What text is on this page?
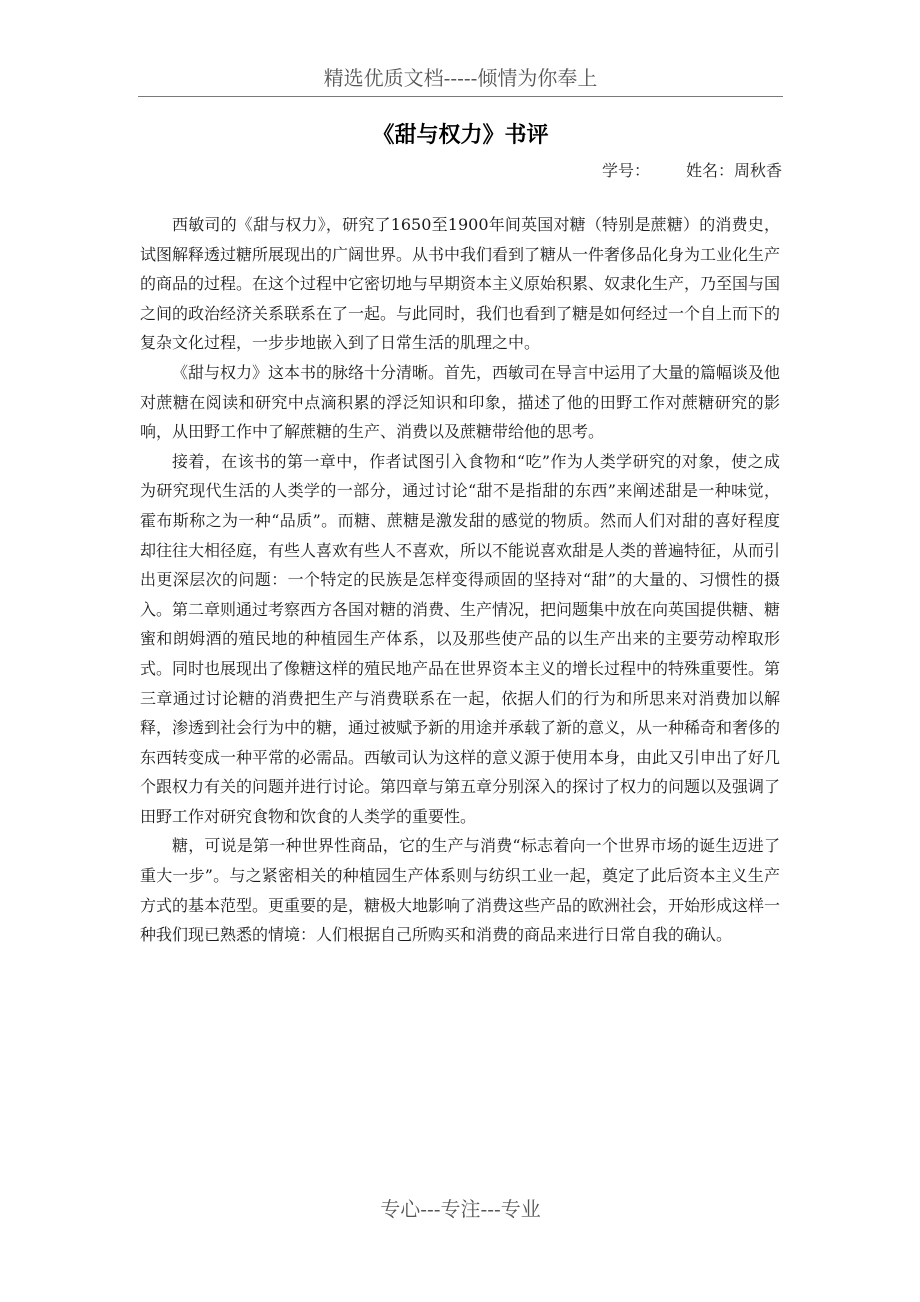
精选优质文档-----倾情为你奉上
《甜与权力》书评
学号： 姓名：周秋香

西敏司的《甜与权力》，研究了1650至1900年间英国对糖（特别是蔗糖）的消费史，试图解释透过糖所展现出的广阔世界。从书中我们看到了糖从一件奢侈品化身为工业化生产的商品的过程。在这个过程中它密切地与早期资本主义原始积累、奴隶化生产，乃至国与国之间的政治经济关系联系在了一起。与此同时，我们也看到了糖是如何经过一个自上而下的复杂文化过程，一步步地嵌入到了日常生活的肌理之中。

《甜与权力》这本书的脉络十分清晰。首先，西敏司在导言中运用了大量的篇幅谈及他对蔗糖在阅读和研究中点滴积累的浮泛知识和印象，描述了他的田野工作对蔗糖研究的影响，从田野工作中了解蔗糖的生产、消费以及蔗糖带给他的思考。

接着，在该书的第一章中，作者试图引入食物和“吃”作为人类学研究的对象，使之成为研究现代生活的人类学的一部分，通过讨论“甜不是指甜的东西”来阐述甜是一种味觉，霍布斯称之为一种“品质”。而糖、蔗糖是激发甜的感觉的物质。然而人们对甜的喜好程度却往往大相径庭，有些人喜欢有些人不喜欢，所以不能说喜欢甜是人类的普遍特征，从而引出更深层次的问题：一个特定的民族是怎样变得顽固的坚持对“甜”的大量的、习惯性的摄入。第二章则通过考察西方各国对糖的消费、生产情况，把问题集中放在向英国提供糖、糖蜜和朗姆酒的殖民地的种植园生产体系，以及那些使产品的以生产出来的主要劳动榨取形式。同时也展现出了像糖这样的殖民地产品在世界资本主义的增长过程中的特殊重要性。第三章通过讨论糖的消费把生产与消费联系在一起，依据人们的行为和所思来对消费加以解释，渗透到社会行为中的糖，通过被赋予新的用途并承载了新的意义，从一种稀奇和奢侈的东西转变成一种平常的必需品。西敏司认为这样的意义源于使用本身，由此又引申出了好几个跟权力有关的问题并进行讨论。第四章与第五章分别深入的探讨了权力的问题以及强调了田野工作对研究食物和饮食的人类学的重要性。

糖，可说是第一种世界性商品，它的生产与消费“标志着向一个世界市场的诞生迈进了重大一步”。与之紧密相关的种植园生产体系则与纺织工业一起，奠定了此后资本主义生产方式的基本范型。更重要的是，糖极大地影响了消费这些产品的欧洲社会，开始形成这样一种我们现已熟悉的情境：人们根据自己所购买和消费的商品来进行日常自我的确认。

专心---专注---专业
